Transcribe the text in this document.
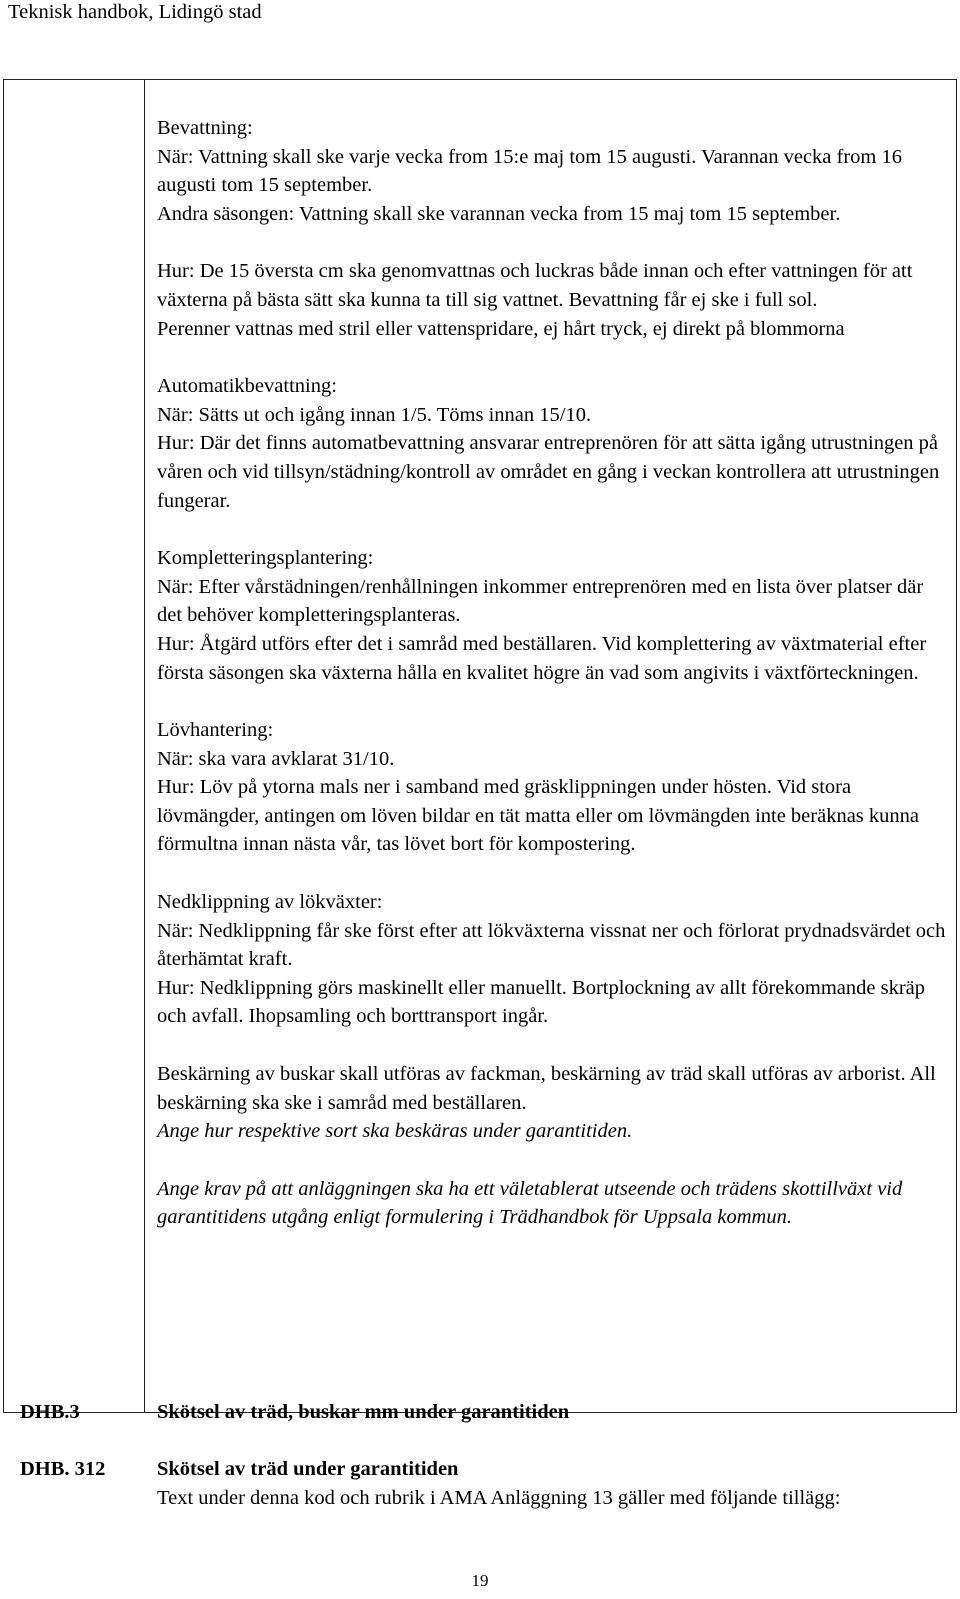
Teknisk handbok, Lidingö stad

Bevattning:

När: Vattning skall ske varje vecka from 15:e maj tom 15 augusti. Varannan vecka from 16 augusti tom 15 september.

Andra säsongen: Vattning skall ske varannan vecka from 15 maj tom 15 september.

Hur: De 15 översta cm ska genomvattnas och luckras både innan och efter vattningen för att växterna på bästa sätt ska kunna ta till sig vattnet. Bevattning får ej ske i full sol.

Perenner vattnas med stril eller vattenspridare, ej hårt tryck, ej direkt på blommorna

Automatikbevattning:

När: Sätts ut och igång innan 1/5. Töms innan 15/10.

Hur: Där det finns automatbevattning ansvarar entreprenören för att sätta igång utrustningen på våren och vid tillsyn/städning/kontroll av området en gång i veckan kontrollera att utrustningen fungerar.

Kompletteringsplantering:

När: Efter vårstädningen/renhållningen inkommer entreprenören med en lista över platser där det behöver kompletteringsplanteras.

Hur: Åtgärd utförs efter det i samråd med beställaren. Vid komplettering av växtmaterial efter första säsongen ska växterna hålla en kvalitet högre än vad som angivits i växtförteckningen.

Lövhantering:

När: ska vara avklarat 31/10.

Hur: Löv på ytorna mals ner i samband med gräsklippningen under hösten. Vid stora lövmängder, antingen om löven bildar en tät matta eller om lövmängden inte beräknas kunna förmultna innan nästa vår, tas lövet bort för kompostering.

Nedklippning av lökväxter:

När: Nedklippning får ske först efter att lökväxterna vissnat ner och förlorat prydnadsvärdet och återhämtat kraft.

Hur: Nedklippning görs maskinellt eller manuellt. Bortplockning av allt förekommande skräp och avfall. Ihopsamling och borttransport ingår.

Beskärning av buskar skall utföras av fackman, beskärning av träd skall utföras av arborist. All beskärning ska ske i samråd med beställaren.

Ange hur respektive sort ska beskäras under garantitiden.

Ange krav på att anläggningen ska ha ett väletablerat utseende och trädens skottillväxt vid garantitidens utgång enligt formulering i Trädhandbok för Uppsala kommun.

DHB.3	Skötsel av träd, buskar mm under garantitiden
DHB. 312	Skötsel av träd under garantitiden
Text under denna kod och rubrik i AMA Anläggning 13 gäller med följande tillägg:
19
